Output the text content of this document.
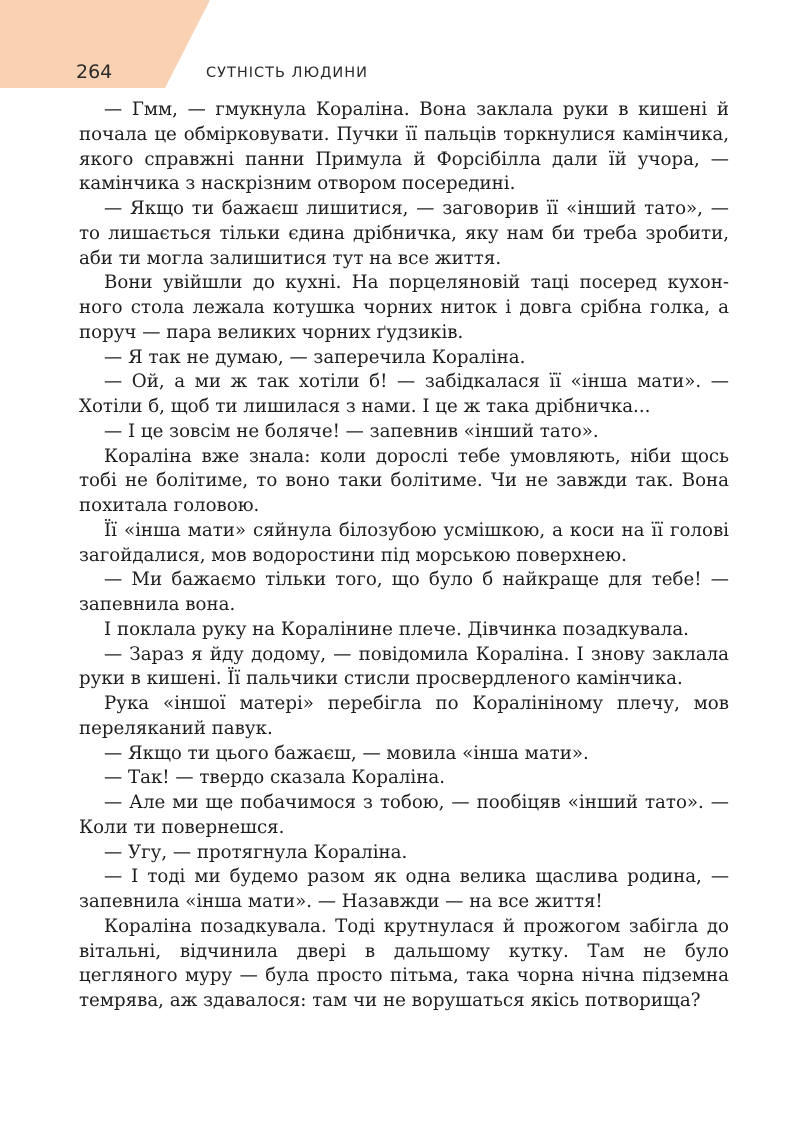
264	СУТНІСТЬ ЛЮДИНИ

— Гмм, — гмукнула Кораліна. Вона заклала руки в кишені й почала це обмірковувати. Пучки її пальців торкнулися камінчика, якого справжні панни Примула й Форсібілла дали їй учора, — камінчика з наскрізним отвором посередині.

— Якщо ти бажаєш лишитися, — заговорив її «інший тато», — то лишається тільки єдина дрібничка, яку нам би треба зробити, аби ти могла залишитися тут на все життя.

Вони увійшли до кухні. На порцеляновій таці посеред кухонного стола лежала котушка чорних ниток і довга срібна голка, а поруч — пара великих чорних ґудзиків.

— Я так не думаю, — заперечила Кораліна.

— Ой, а ми ж так хотіли б! — забідкалася її «інша мати». — Хотіли б, щоб ти лишилася з нами. І це ж така дрібничка...

— І це зовсім не боляче! — запевнив «інший тато».

Кораліна вже знала: коли дорослі тебе умовляють, ніби щось тобі не болітиме, то воно таки болітиме. Чи не завжди так. Вона похитала головою.

Її «інша мати» сяйнула білозубою усмішкою, а коси на її голові загойдалися, мов водоростини під морською поверхнею.

— Ми бажаємо тільки того, що було б найкраще для тебе! — запевнила вона.

І поклала руку на Коралінине плече. Дівчинка позадкувала.

— Зараз я йду додому, — повідомила Кораліна. І знову заклала руки в кишені. Її пальчики стисли просвердленого камінчика.

Рука «іншої матері» перебігла по Коралініному плечу, мов переляканий павук.

— Якщо ти цього бажаєш, — мовила «інша мати».

— Так! — твердо сказала Кораліна.

— Але ми ще побачимося з тобою, — пообіцяв «інший тато». — Коли ти повернешся.

— Угу, — протягнула Кораліна.

— І тоді ми будемо разом як одна велика щаслива родина, — запевнила «інша мати». — Назавжди — на все життя!

Кораліна позадкувала. Тоді крутнулася й прожогом забігла до вітальні, відчинила двері в дальшому кутку. Там не було цегляного муру — була просто пітьма, така чорна нічна підземна темрява, аж здавалося: там чи не ворушаться якісь потворища?
